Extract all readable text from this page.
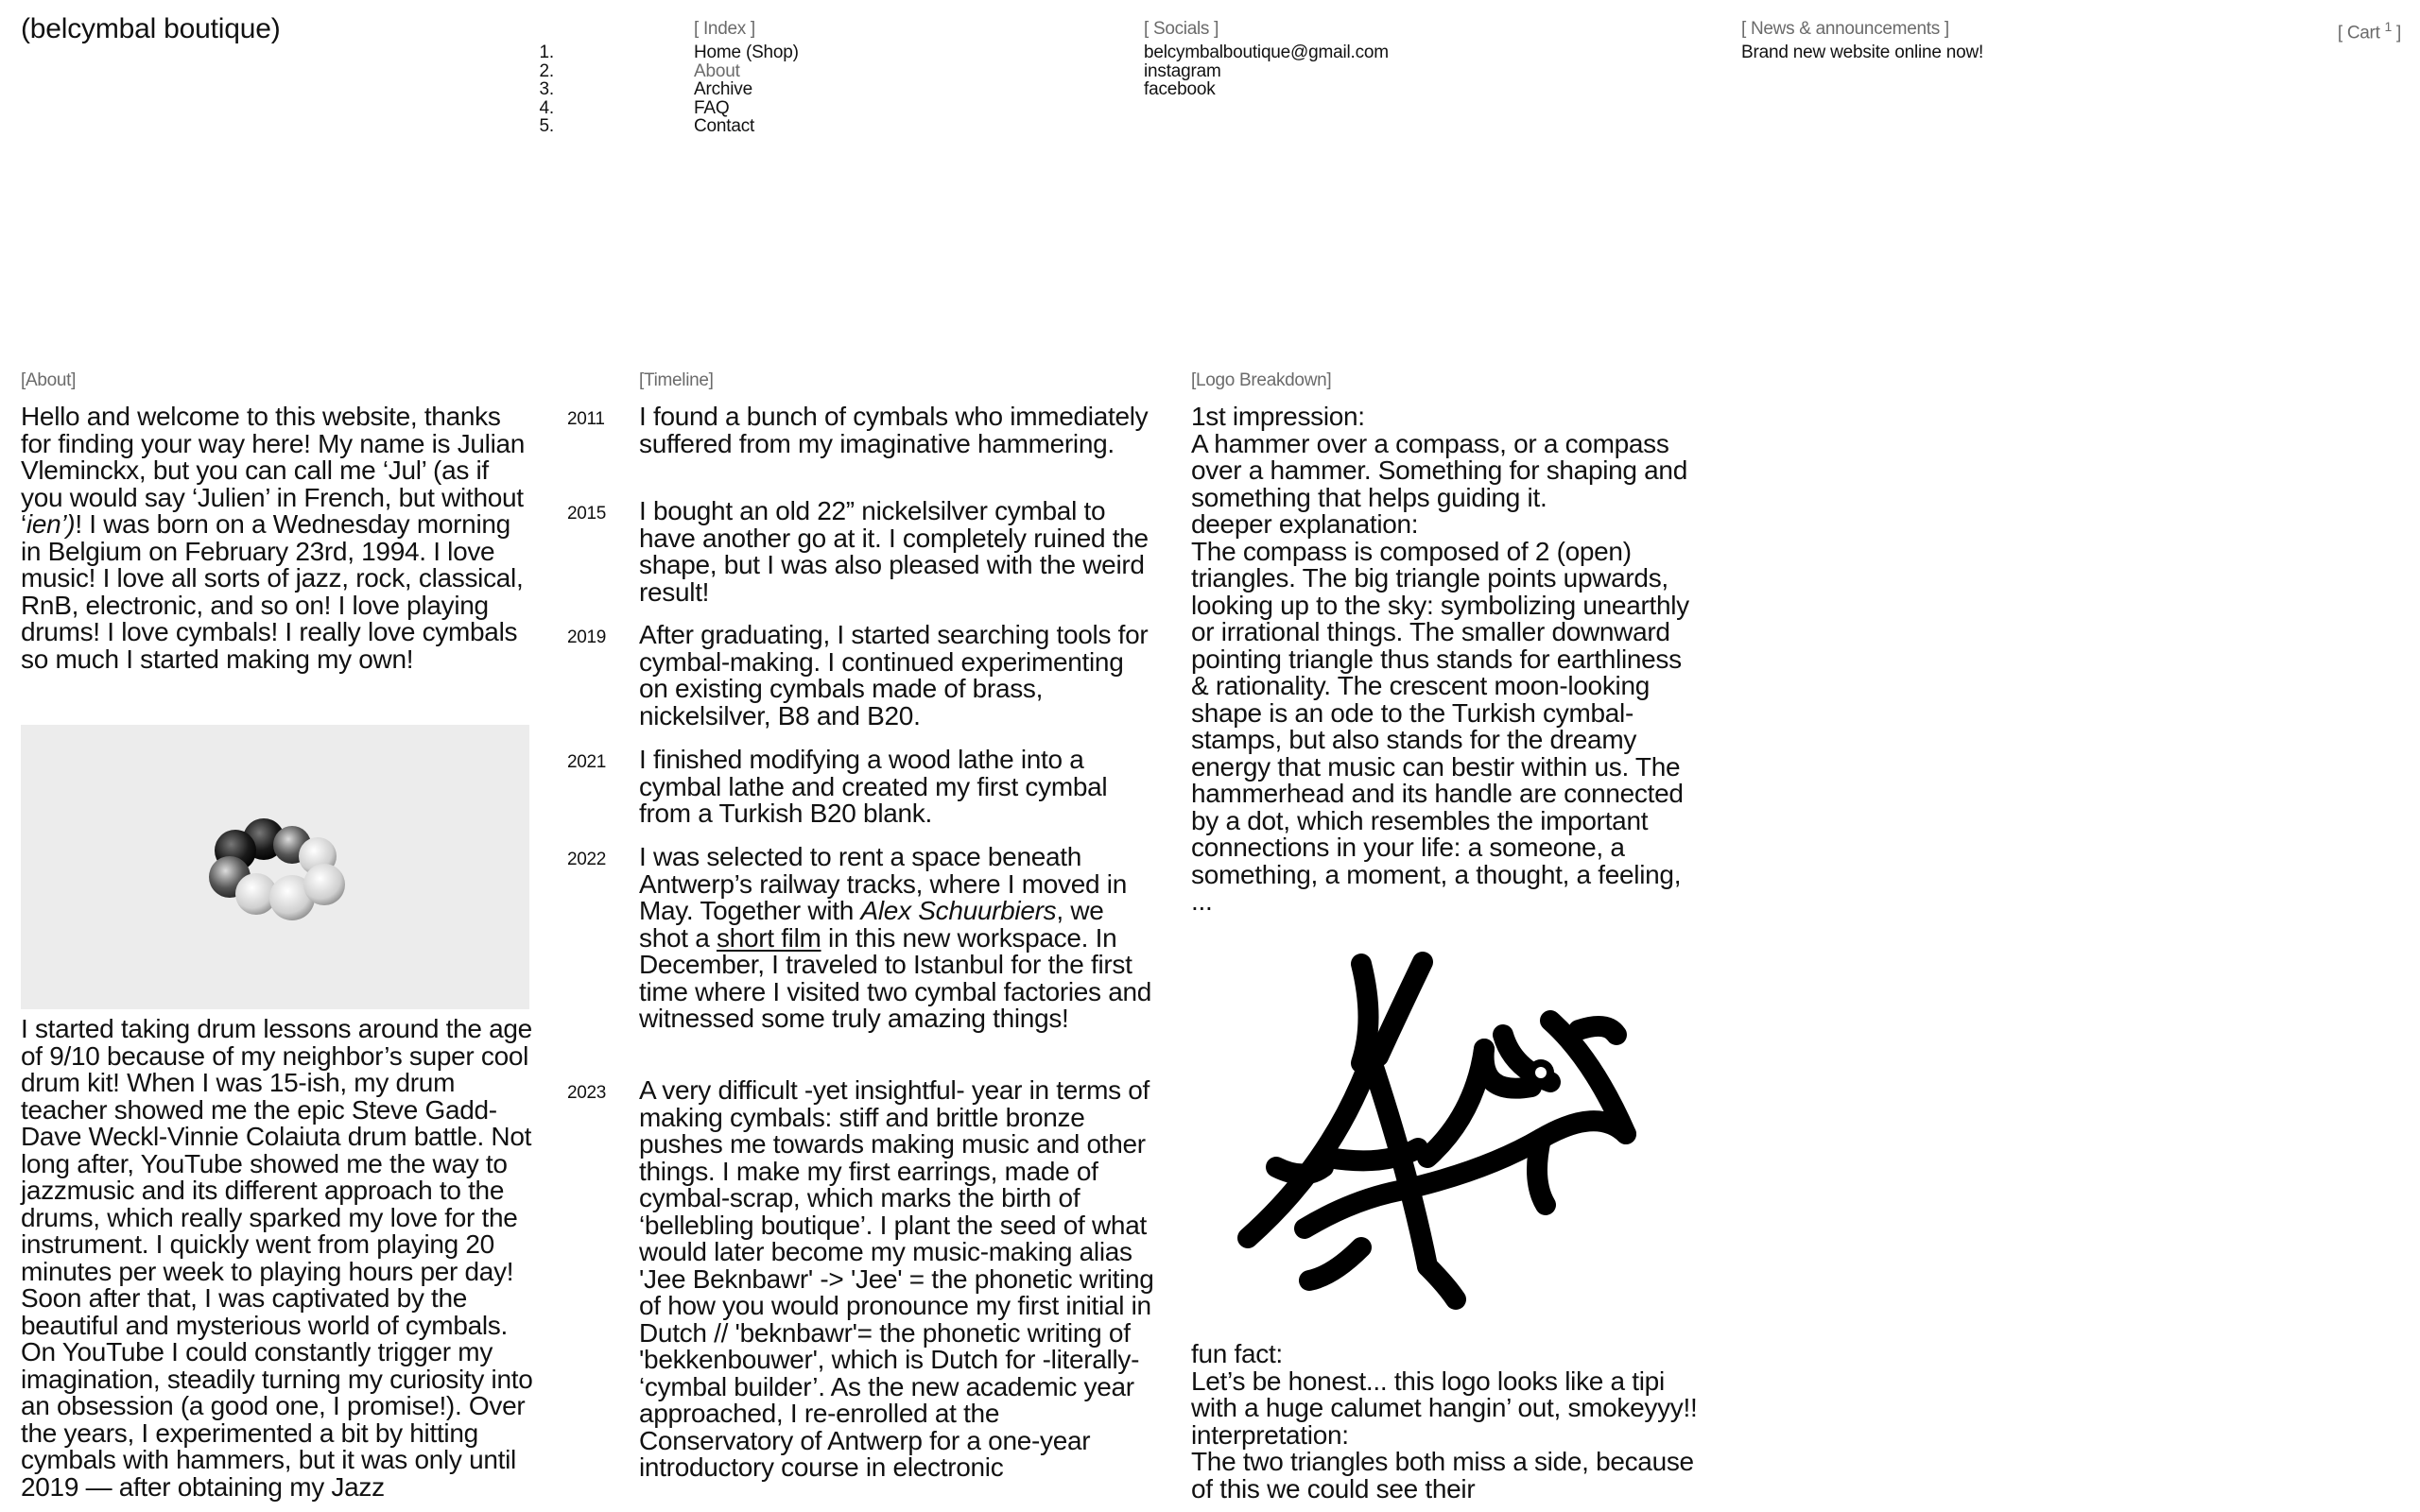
(belcymbal boutique)	[ Index ]
1.
2.
3.
4.
5.
Home (Shop)
About
Archive
FAQ
Contact
[ Socials ]
belcymbalboutique@gmail.com
instagram
facebook
[ News & announcements ]
Brand new website online now!
[ Cart $^1$ ]
[About]
Hello and welcome to this website, thanks for finding your way here! My name is Julian Vleminckx, but you can call me ‘Jul’ (as if you would say ‘Julien’ in French, but without ‘ien’)! I was born on a Wednesday morning in Belgium on February 23rd, 1994. I love music! I love all sorts of jazz, rock, classical, RnB, electronic, and so on! I love playing drums! I love cymbals! I really love cymbals so much I started making my own!
I started taking drum lessons around the age of 9/10 because of my neighbor’s super cool drum kit! When I was 15-ish, my drum teacher showed me the epic Steve Gadd-Dave Weckl-Vinnie Colaiuta drum battle. Not long after, YouTube showed me the way to jazzmusic and its different approach to the drums, which really sparked my love for the instrument. I quickly went from playing 20 minutes per week to playing hours per day! Soon after that, I was captivated by the beautiful and mysterious world of cymbals. On YouTube I could constantly trigger my imagination, steadily turning my curiosity into an obsession (a good one, I promise!). Over the years, I experimented a bit by hitting cymbals with hammers, but it was only until 2019 — after obtaining my Jazz
[Timeline]
2011 I found a bunch of cymbals who immediately suffered from my imaginative hammering.
2015 I bought an old 22” nickelsilver cymbal to have another go at it. I completely ruined the shape, but I was also pleased with the weird result!
2019 After graduating, I started searching tools for cymbal-making. I continued experimenting on existing cymbals made of brass, nickelsilver, B8 and B20.
2021 I finished modifying a wood lathe into a cymbal lathe and created my first cymbal from a Turkish B20 blank.
2022 I was selected to rent a space beneath Antwerp’s railway tracks, where I moved in May. Together with Alex Schuurbiers, we shot a short film in this new workspace. In December, I traveled to Istanbul for the first time where I visited two cymbal factories and witnessed some truly amazing things!
2023 A very difficult -yet insightful- year in terms of making cymbals: stiff and brittle bronze pushes me towards making music and other things. I make my first earrings, made of cymbal-scrap, which marks the birth of ‘bellebling boutique’. I plant the seed of what would later become my music-making alias 'Jee Beknbawr' -> 'Jee' = the phonetic writing of how you would pronounce my first initial in Dutch // 'beknbawr'= the phonetic writing of 'bekkenbouwer', which is Dutch for -literally- ‘cymbal builder’. As the new academic year approached, I re-enrolled at the Conservatory of Antwerp for a one-year introductory course in electronic
[Logo Breakdown]

1st impression:

A hammer over a compass, or a compass over a hammer. Something for shaping and something that helps guiding it.

deeper explanation:

The compass is composed of 2 (open) triangles. The big triangle points upwards, looking up to the sky: symbolizing unearthly or irrational things. The smaller downward pointing triangle thus stands for earthliness & rationality. The crescent moon-looking shape is an ode to the Turkish cymbal-stamps, but also stands for the dreamy energy that music can bestir within us. The hammerhead and its handle are connected by a dot, which resembles the important connections in your life: a someone, a something, a moment, a thought, a feeling, ...

fun fact:

Let’s be honest... this logo looks like a tipi with a huge calumet hangin’ out, smokeyyy!!

interpretation:

The two triangles both miss a side, because of this we could see their
